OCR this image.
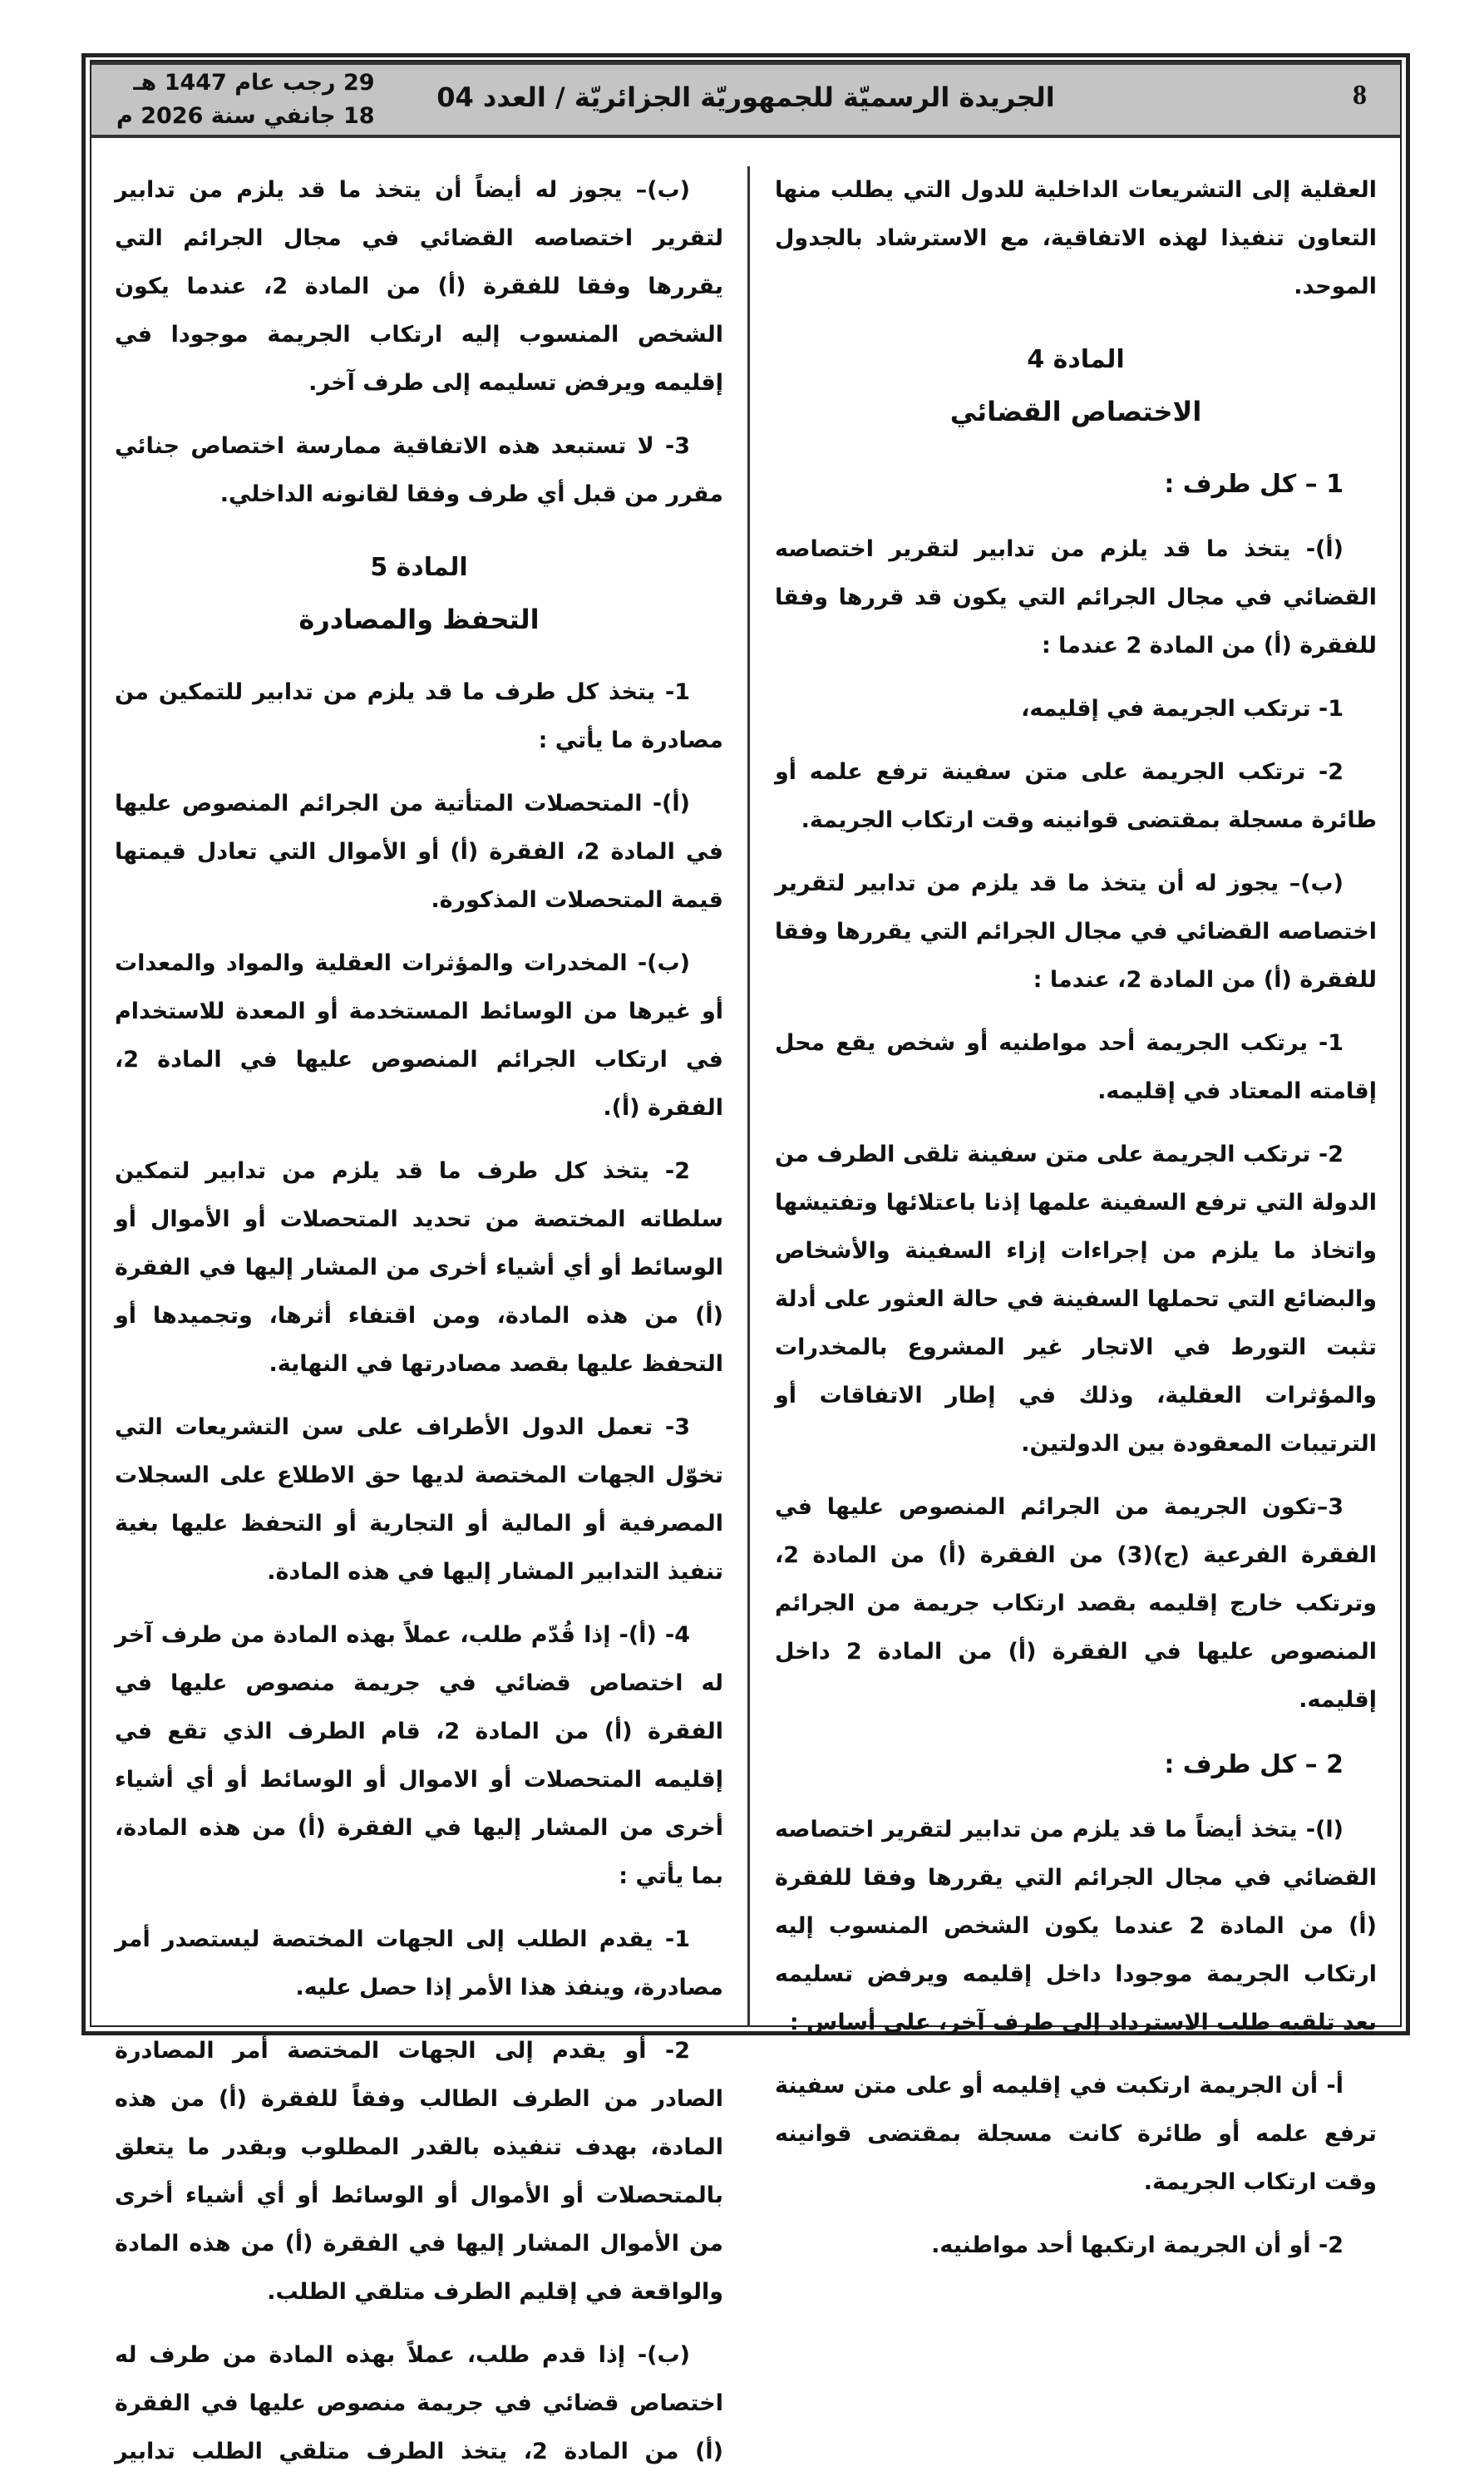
8
الجريدة الرسميّة للجمهوريّة الجزائريّة / العدد 04
29 رجب عام 1447 هـ
18 جانفي سنة 2026 م

العقلية إلى التشريعات الداخلية للدول التي يطلب منها التعاون تنفيذا لهذه الاتفاقية، مع الاسترشاد بالجدول الموحد.

المادة 4
الاختصاص القضائي
1 – كل طرف :

(أ)- يتخذ ما قد يلزم من تدابير لتقرير اختصاصه القضائي في مجال الجرائم التي يكون قد قررها وفقا للفقرة (أ) من المادة 2 عندما :

1- ترتكب الجريمة في إقليمه،

2- ترتكب الجريمة على متن سفينة ترفع علمه أو طائرة مسجلة بمقتضى قوانينه وقت ارتكاب الجريمة.

(ب)– يجوز له أن يتخذ ما قد يلزم من تدابير لتقرير اختصاصه القضائي في مجال الجرائم التي يقررها وفقا للفقرة (أ) من المادة 2، عندما :

1- يرتكب الجريمة أحد مواطنيه أو شخص يقع محل إقامته المعتاد في إقليمه.

2- ترتكب الجريمة على متن سفينة تلقى الطرف من الدولة التي ترفع السفينة علمها إذنا باعتلائها وتفتيشها واتخاذ ما يلزم من إجراءات إزاء السفينة والأشخاص والبضائع التي تحملها السفينة في حالة العثور على أدلة تثبت التورط في الاتجار غير المشروع بالمخدرات والمؤثرات العقلية، وذلك في إطار الاتفاقات أو الترتيبات المعقودة بين الدولتين.

3–تكون الجريمة من الجرائم المنصوص عليها في الفقرة الفرعية (ج)(3) من الفقرة (أ) من المادة 2، وترتكب خارج إقليمه بقصد ارتكاب جريمة من الجرائم المنصوص عليها في الفقرة (أ) من المادة 2 داخل إقليمه.

2 – كل طرف :

(ا)- يتخذ أيضاً ما قد يلزم من تدابير لتقرير اختصاصه القضائي في مجال الجرائم التي يقررها وفقا للفقرة (أ) من المادة 2 عندما يكون الشخص المنسوب إليه ارتكاب الجريمة موجودا داخل إقليمه ويرفض تسليمه بعد تلقيه طلب الاسترداد إلى طرف آخر، على أساس :

أ- أن الجريمة ارتكبت في إقليمه أو على متن سفينة ترفع علمه أو طائرة كانت مسجلة بمقتضى قوانينه وقت ارتكاب الجريمة.

2- أو أن الجريمة ارتكبها أحد مواطنيه.

(ب)– يجوز له أيضاً أن يتخذ ما قد يلزم من تدابير لتقرير اختصاصه القضائي في مجال الجرائم التي يقررها وفقا للفقرة (أ) من المادة 2، عندما يكون الشخص المنسوب إليه ارتكاب الجريمة موجودا في إقليمه ويرفض تسليمه إلى طرف آخر.

3- لا تستبعد هذه الاتفاقية ممارسة اختصاص جنائي مقرر من قبل أي طرف وفقا لقانونه الداخلي.

المادة 5
التحفظ والمصادرة

1- يتخذ كل طرف ما قد يلزم من تدابير للتمكين من مصادرة ما يأتي :

(أ)- المتحصلات المتأتية من الجرائم المنصوص عليها في المادة 2، الفقرة (أ) أو الأموال التي تعادل قيمتها قيمة المتحصلات المذكورة.

(ب)- المخدرات والمؤثرات العقلية والمواد والمعدات أو غيرها من الوسائط المستخدمة أو المعدة للاستخدام في ارتكاب الجرائم المنصوص عليها في المادة 2، الفقرة (أ).

2- يتخذ كل طرف ما قد يلزم من تدابير لتمكين سلطاته المختصة من تحديد المتحصلات أو الأموال أو الوسائط أو أي أشياء أخرى من المشار إليها في الفقرة (أ) من هذه المادة، ومن اقتفاء أثرها، وتجميدها أو التحفظ عليها بقصد مصادرتها في النهاية.

3- تعمل الدول الأطراف على سن التشريعات التي تخوّل الجهات المختصة لديها حق الاطلاع على السجلات المصرفية أو المالية أو التجارية أو التحفظ عليها بغية تنفيذ التدابير المشار إليها في هذه المادة.

4- (أ)- إذا قُدّم طلب، عملاً بهذه المادة من طرف آخر له اختصاص قضائي في جريمة منصوص عليها في الفقرة (أ) من المادة 2، قام الطرف الذي تقع في إقليمه المتحصلات أو الاموال أو الوسائط أو أي أشياء أخرى من المشار إليها في الفقرة (أ) من هذه المادة، بما يأتي :

1- يقدم الطلب إلى الجهات المختصة ليستصدر أمر مصادرة، وينفذ هذا الأمر إذا حصل عليه.

2- أو يقدم إلى الجهات المختصة أمر المصادرة الصادر من الطرف الطالب وفقاً للفقرة (أ) من هذه المادة، بهدف تنفيذه بالقدر المطلوب وبقدر ما يتعلق بالمتحصلات أو الأموال أو الوسائط أو أي أشياء أخرى من الأموال المشار إليها في الفقرة (أ) من هذه المادة والواقعة في إقليم الطرف متلقي الطلب.

(ب)- إذا قدم طلب، عملاً بهذه المادة من طرف له اختصاص قضائي في جريمة منصوص عليها في الفقرة (أ) من المادة 2، يتخذ الطرف متلقي الطلب تدابير
